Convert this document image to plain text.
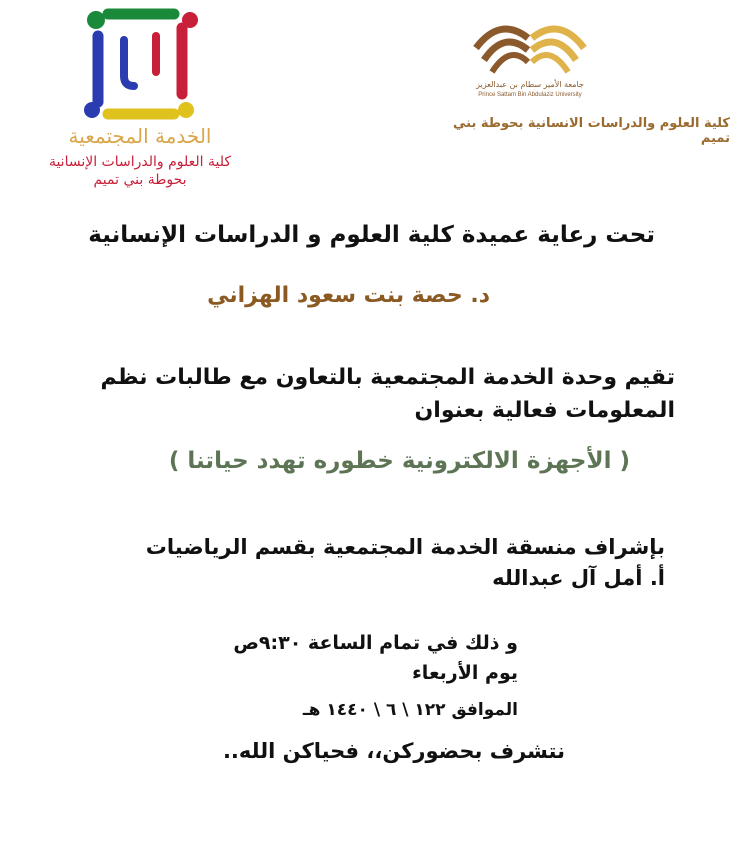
الخدمة المجتمعية
كلية العلوم والدراسات الإنسانية
بحوطة بني تميم
جامعة الأمير سطام بن عبدالعزيز
Prince Sattam Bin Abdulaziz University
كلية العلوم والدراسات الانسانية بحوطة بني تميم
تحت رعاية عميدة كلية العلوم و الدراسات الإنسانية
د. حصة بنت سعود الهزاني
تقيم وحدة الخدمة المجتمعية بالتعاون مع طالبات نظم
المعلومات فعالية بعنوان
( الأجهزة الالكترونية خطوره تهدد حياتنا )
بإشراف منسقة الخدمة المجتمعية بقسم الرياضيات
أ. أمل آل عبدالله
و ذلك في تمام الساعة ٩:٣٠ص
يوم الأربعاء
الموافق ١٢٢ \ ٦ \ ١٤٤٠ هـ
نتشرف بحضوركن،، فحياكن الله..
